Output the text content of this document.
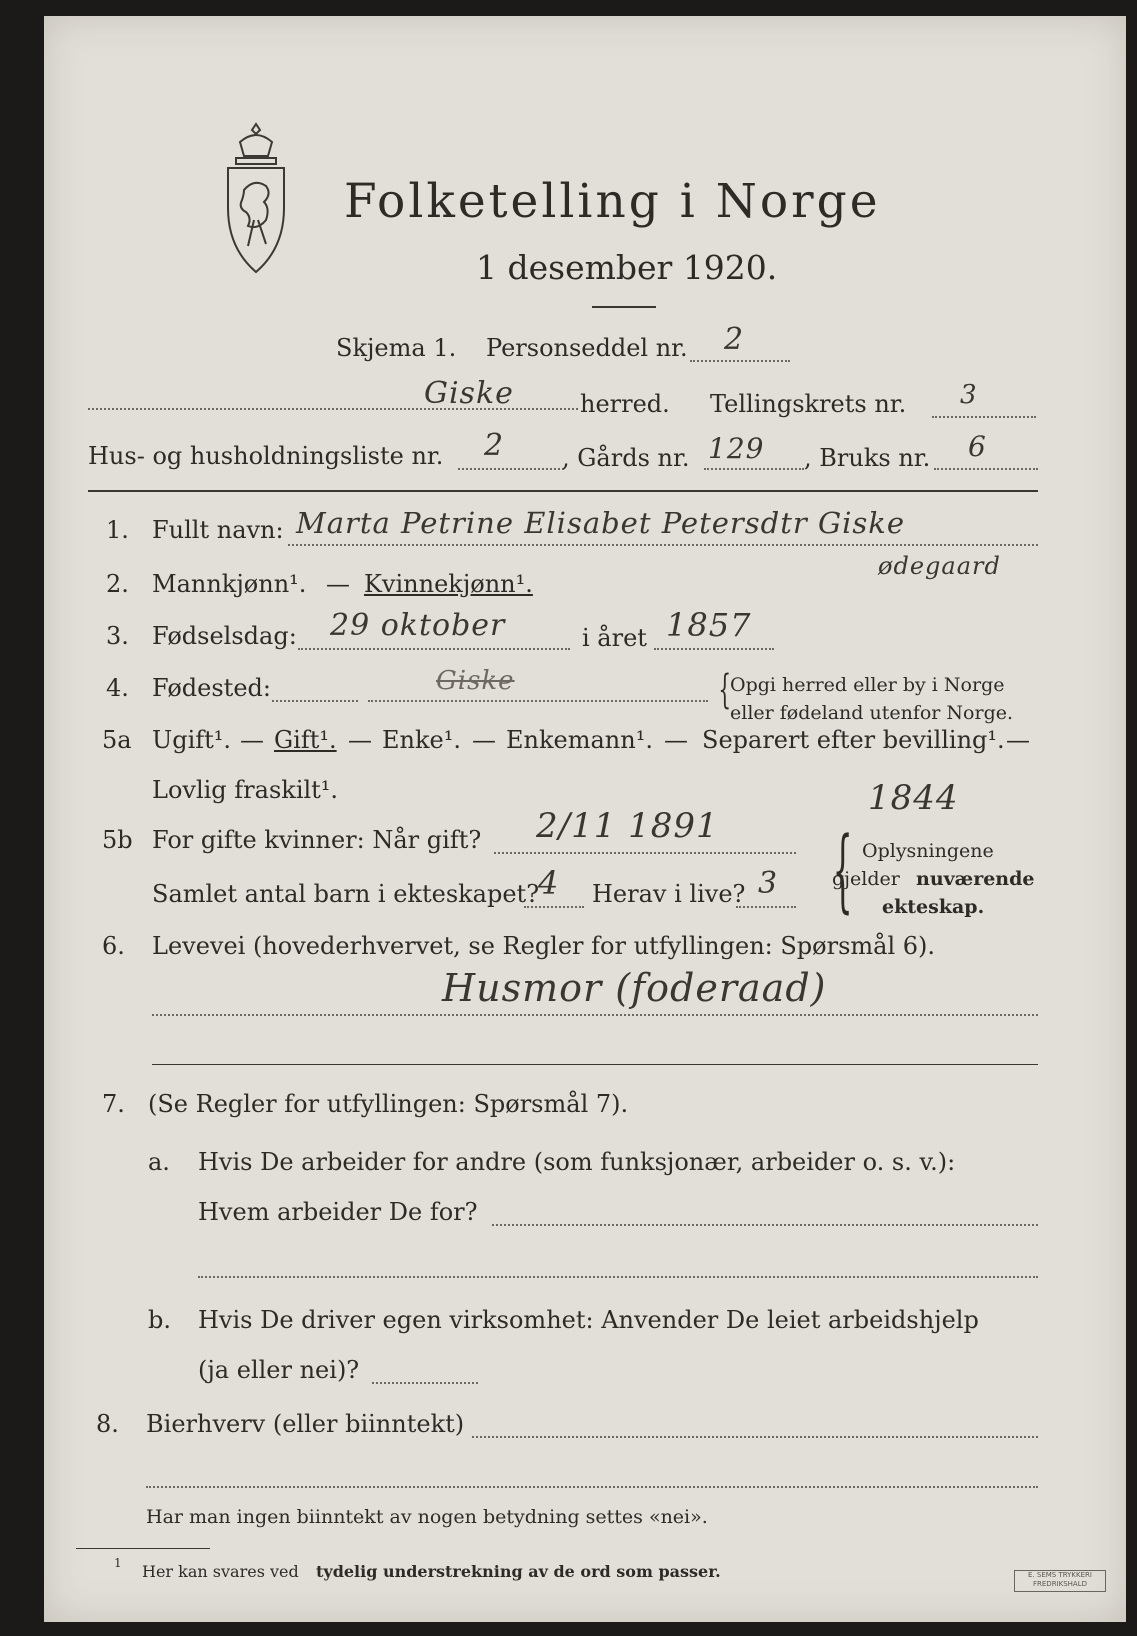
Folketelling i Norge
1 desember 1920.
Skjema 1. Personseddel nr. 2
Giske	herred. Tellingskrets nr. 3
Hus- og husholdningsliste nr. 2 , Gårds nr. 129 , Bruks nr. 6
1. Fullt navn: Marta Petrine Elisabet Petersdtr Giske
ødegaard
2. Mannkjønn¹. — Kvinnekjønn¹.
3. Fødselsdag: 29 oktober	i året 1857
4. Fødested:	Giske	{
Opgi herred eller by i Norge
eller fødeland utenfor Norge.
5a Ugift¹. — Gift¹. — Enke¹. — Enkemann¹. — Separert efter bevilling¹. —
Lovlig fraskilt¹.	1844
5b For gifte kvinner: Når gift? 2/11 1891
Samlet antal barn i ekteskapet?
4 Herav i live? 3 { Oplysningene
gjelder nuværende
ekteskap.
6. Levevei (hovederhvervet, se Regler for utfyllingen: Spørsmål 6).
Husmor (foderaad)
7. (Se Regler for utfyllingen: Spørsmål 7).
a. Hvis De arbeider for andre (som funksjonær, arbeider o. s. v.):
Hvem arbeider De for?
b. Hvis De driver egen virksomhet: Anvender De leiet arbeidshjelp
(ja eller nei)?
8. Bierhverv (eller biinntekt)
Har man ingen biinntekt av nogen betydning settes «nei».
1 Her kan svares ved tydelig understrekning av de ord som passer.	E. SEMS TRYKKERI
FREDRIKSHALD
